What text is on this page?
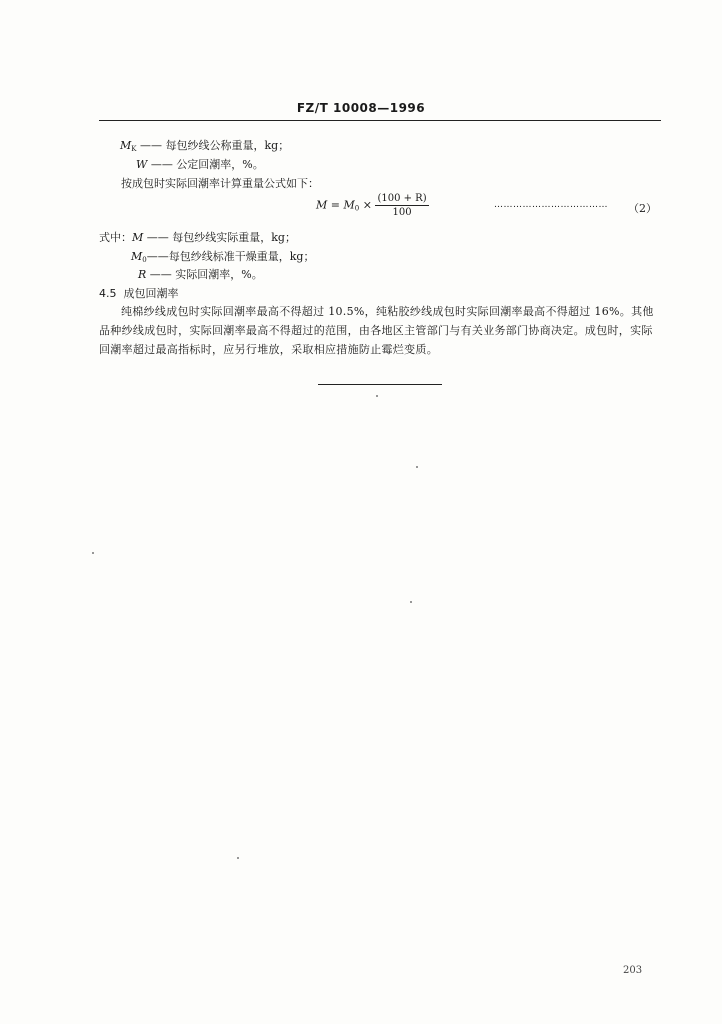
FZ/T 10008—1996
$M_K$ —— 每包纱线公称重量，kg；
W —— 公定回潮率，%。
按成包时实际回潮率计算重量公式如下：
$M = M_0 \times \frac{(100 + R)}{100}$	……………………………… （2）
式中：M —— 每包纱线实际重量，kg；
$M_0——$每包纱线标准干燥重量，kg；
R —— 实际回潮率，%。
4.5 成包回潮率
纯棉纱线成包时实际回潮率最高不得超过 10.5%，纯粘胶纱线成包时实际回潮率最高不得超过 16%。其他品种纱线成包时，实际回潮率最高不得超过的范围，由各地区主管部门与有关业务部门协商决定。成包时，实际回潮率超过最高指标时，应另行堆放，采取相应措施防止霉烂变质。
203
